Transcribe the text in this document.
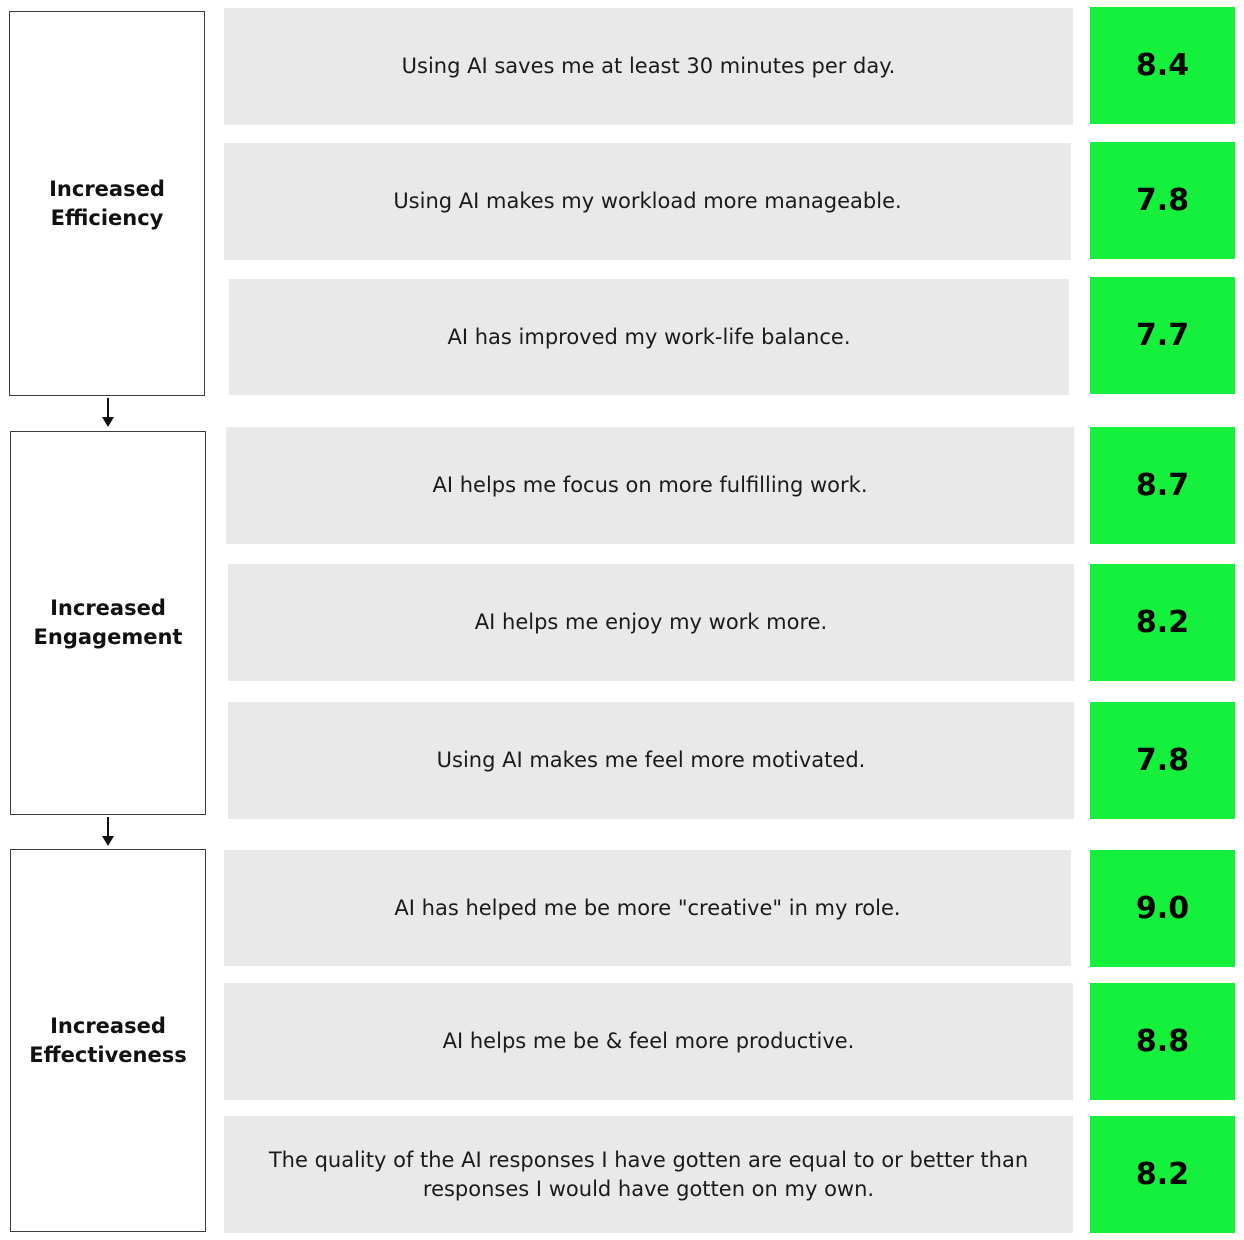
Increased
Efficiency
Increased
Engagement
Increased
Effectiveness
Using AI saves me at least 30 minutes per day.
Using AI makes my workload more manageable.
AI has improved my work-life balance.
AI helps me focus on more fulfilling work.
AI helps me enjoy my work more.
Using AI makes me feel more motivated.
AI has helped me be more "creative" in my role.
AI helps me be & feel more productive.
The quality of the AI responses I have gotten are equal to or better than
responses I would have gotten on my own.
8.4
7.8
7.7
8.7
8.2
7.8
9.0
8.8
8.2
